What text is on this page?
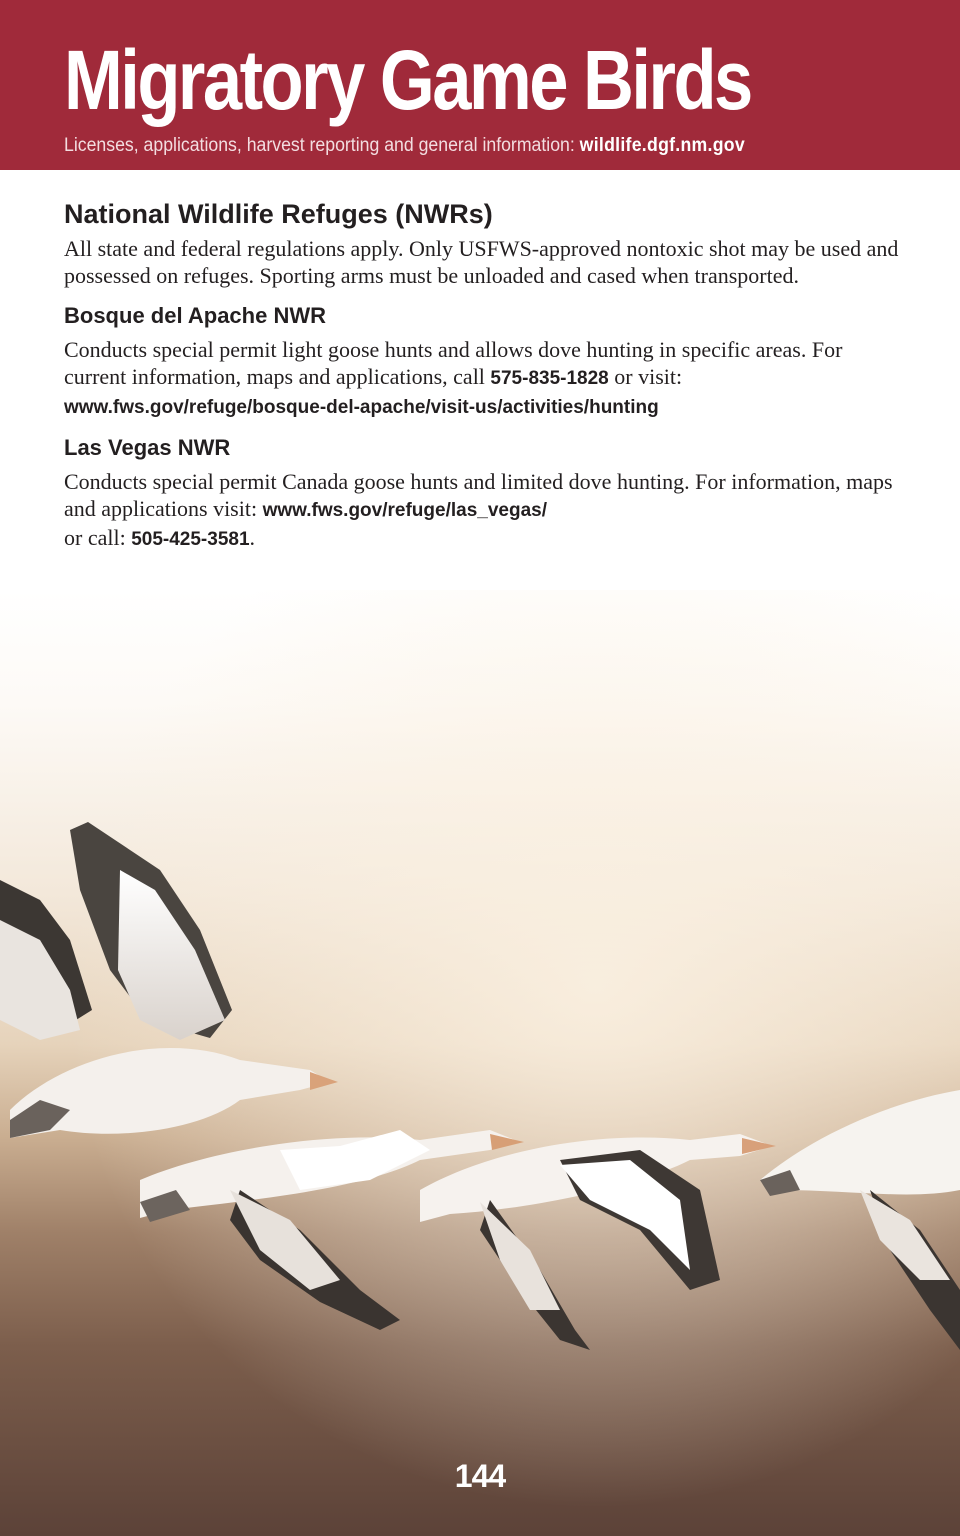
Migratory Game Birds
Licenses, applications, harvest reporting and general information: wildlife.dgf.nm.gov
National Wildlife Refuges (NWRs)
All state and federal regulations apply. Only USFWS-approved nontoxic shot may be used and possessed on refuges. Sporting arms must be unloaded and cased when transported.
Bosque del Apache NWR
Conducts special permit light goose hunts and allows dove hunting in specific areas. For current information, maps and applications, call 575-835-1828 or visit:
www.fws.gov/refuge/bosque-del-apache/visit-us/activities/hunting
Las Vegas NWR
Conducts special permit Canada goose hunts and limited dove hunting. For information, maps and applications visit: www.fws.gov/refuge/las_vegas/
or call: 505-425-3581.
144
